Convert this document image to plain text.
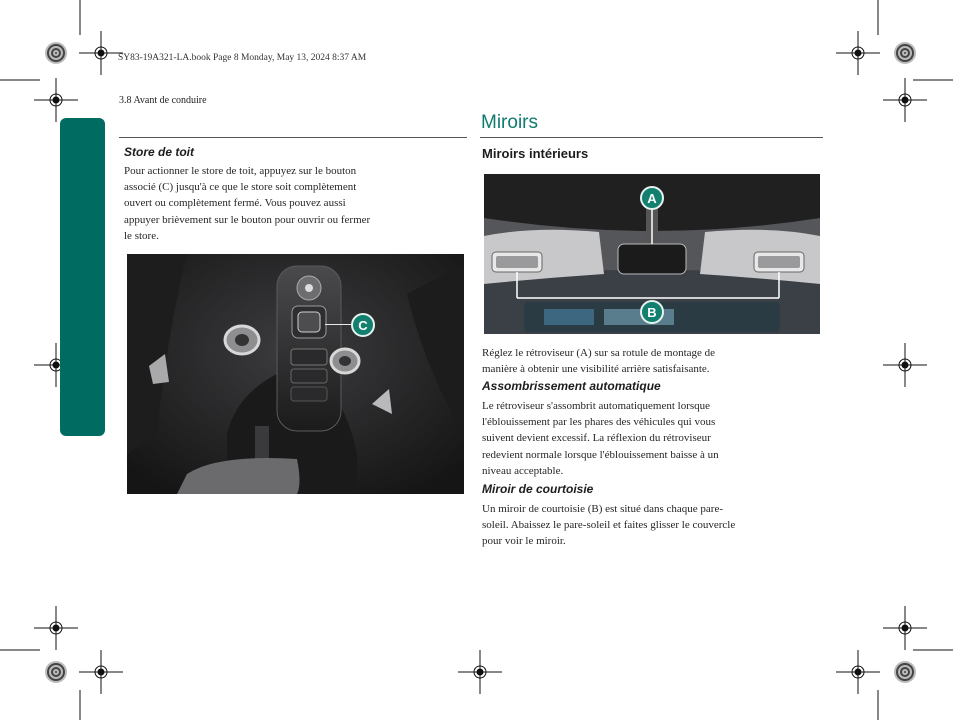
SY83-19A321-LA.book Page 8 Monday, May 13, 2024 8:37 AM
3.8 Avant de conduire
Store de toit
Pour actionner le store de toit, appuyez sur le bouton
associé (C) jusqu'à ce que le store soit complètement
ouvert ou complètement fermé. Vous pouvez aussi
appuyer brièvement sur le bouton pour ouvrir ou fermer
le store.
C
Miroirs
Miroirs intérieurs
A
B
Réglez le rétroviseur (A) sur sa rotule de montage de
manière à obtenir une visibilité arrière satisfaisante.
Assombrissement automatique
Le rétroviseur s'assombrit automatiquement lorsque
l'éblouissement par les phares des véhicules qui vous
suivent devient excessif. La réflexion du rétroviseur
redevient normale lorsque l'éblouissement baisse à un
niveau acceptable.
Miroir de courtoisie
Un miroir de courtoisie (B) est situé dans chaque pare-
soleil. Abaissez le pare-soleil et faites glisser le couvercle
pour voir le miroir.
